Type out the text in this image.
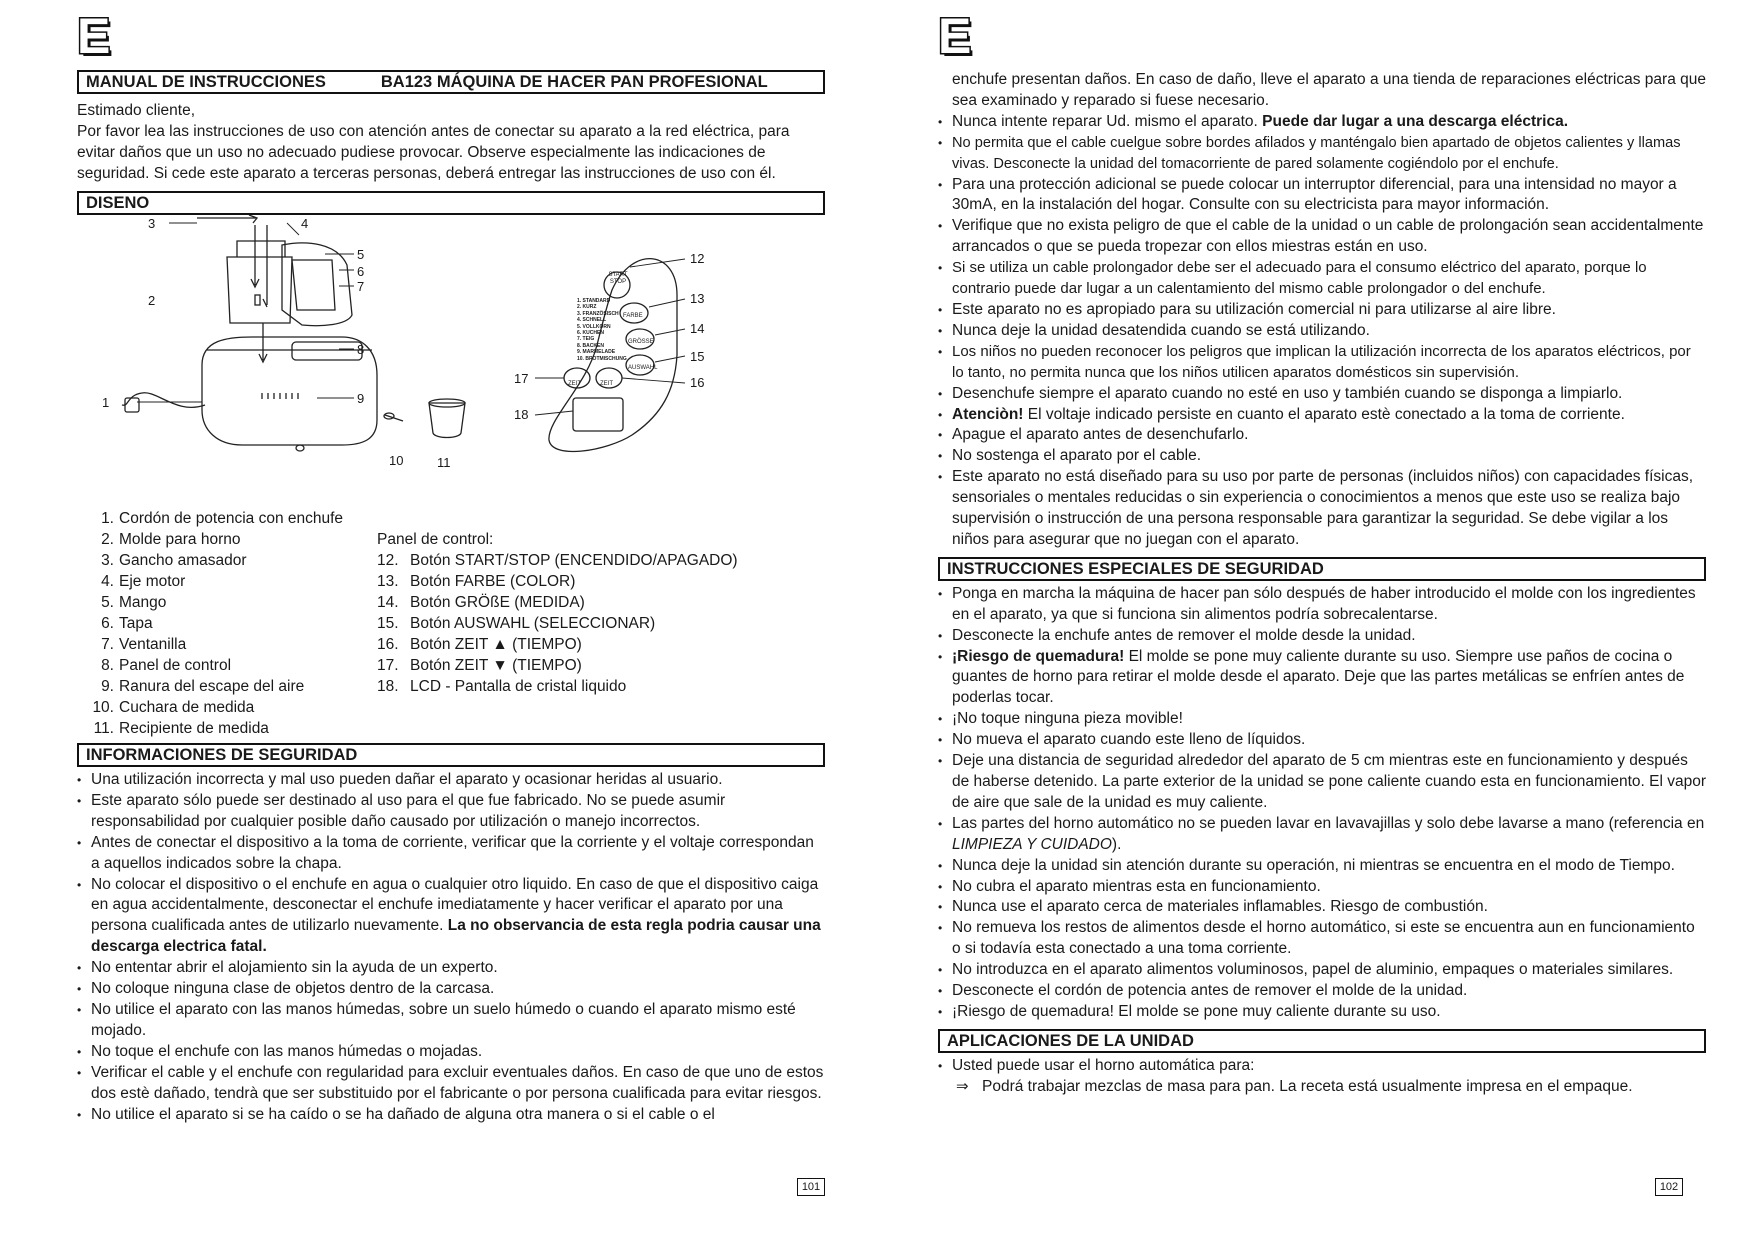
E
MANUAL DE INSTRUCCIONES	BA123 MÁQUINA DE HACER PAN PROFESIONAL

Estimado cliente,

Por favor lea las instrucciones de uso con atención antes de conectar su aparato a la red eléctrica, para evitar daños que un uso no adecuado pudiese provocar. Observe especialmente las indicaciones de seguridad. Si cede este aparato a terceras personas, deberá entregar las instrucciones de uso con él.

DISENO
START
STOP
FARBE
GRÖSSE
AUSWAHL
ZEIT
ZEIT
1. STANDARD
2. KURZ
3. FRANZÖSISCH
4. SCHNELL
5. VOLLKORN
6. KUCHEN
7. TEIG
8. BACKEN
9. MARMELADE
10. BROTMISCHUNG
1
2
3	4
5
6
7
8
9
10	11
12
13
14
15
16
17
18
1. Cordón de potencia con enchufe
2. Molde para horno
3. Gancho amasador
4. Eje motor
5. Mango
6. Tapa
7. Ventanilla
8. Panel de control
9. Ranura del escape del aire
10. Cuchara de medida
11. Recipiente de medida
Panel de control:
12. Botón START/STOP (ENCENDIDO/APAGADO)
13. Botón FARBE (COLOR)
14. Botón GRÖßE (MEDIDA)
15. Botón AUSWAHL (SELECCIONAR)
16. Botón ZEIT ▲ (TIEMPO)
17. Botón ZEIT ▼ (TIEMPO)
18. LCD - Pantalla de cristal liquido
INFORMACIONES DE SEGURIDAD
• Una utilización incorrecta y mal uso pueden dañar el aparato y ocasionar heridas al usuario.
• Este aparato sólo puede ser destinado al uso para el que fue fabricado. No se puede asumir responsabilidad por cualquier posible daño causado por utilización o manejo incorrectos.
• Antes de conectar el dispositivo a la toma de corriente, verificar que la corriente y el voltaje correspondan a aquellos indicados sobre la chapa.
• No colocar el dispositivo o el enchufe en agua o cualquier otro liquido. En caso de que el dispositivo caiga en agua accidentalmente, desconectar el enchufe imediatamente y hacer verificar el aparato por una persona cualificada antes de utilizarlo nuevamente. La no observancia de esta regla podria causar una descarga electrica fatal.
• No ententar abrir el alojamiento sin la ayuda de un experto.
• No coloque ninguna clase de objetos dentro de la carcasa.
• No utilice el aparato con las manos húmedas, sobre un suelo húmedo o cuando el aparato mismo esté mojado.
• No toque el enchufe con las manos húmedas o mojadas.
• Verificar el cable y el enchufe con regularidad para excluir eventuales daños. En caso de que uno de estos dos estè dañado, tendrà que ser substituido por el fabricante o por persona cualificada para evitar riesgos.
• No utilice el aparato si se ha caído o se ha dañado de alguna otra manera o si el cable o el
101
E
enchufe presentan daños. En caso de daño, lleve el aparato a una tienda de reparaciones eléctricas para que sea examinado y reparado si fuese necesario.
• Nunca intente reparar Ud. mismo el aparato. Puede dar lugar a una descarga eléctrica.
• No permita que el cable cuelgue sobre bordes afilados y manténgalo bien apartado de objetos calientes y llamas vivas. Desconecte la unidad del tomacorriente de pared solamente cogiéndolo por el enchufe.
• Para una protección adicional se puede colocar un interruptor diferencial, para una intensidad no mayor a 30mA, en la instalación del hogar. Consulte con su electricista para mayor información.
• Verifique que no exista peligro de que el cable de la unidad o un cable de prolongación sean accidentalmente arrancados o que se pueda tropezar con ellos miestras están en uso.
• Si se utiliza un cable prolongador debe ser el adecuado para el consumo eléctrico del aparato, porque lo contrario puede dar lugar a un calentamiento del mismo cable prolongador o del enchufe.
• Este aparato no es apropiado para su utilización comercial ni para utilizarse al aire libre.
• Nunca deje la unidad desatendida cuando se está utilizando.
• Los niños no pueden reconocer los peligros que implican la utilización incorrecta de los aparatos eléctricos, por lo tanto, no permita nunca que los niños utilicen aparatos domésticos sin supervisión.
• Desenchufe siempre el aparato cuando no esté en uso y también cuando se disponga a limpiarlo.
• Atenciòn! El voltaje indicado persiste en cuanto el aparato estè conectado a la toma de corriente.
• Apague el aparato antes de desenchufarlo.
• No sostenga el aparato por el cable.
• Este aparato no está diseñado para su uso por parte de personas (incluidos niños) con capacidades físicas, sensoriales o mentales reducidas o sin experiencia o conocimientos a menos que este uso se realiza bajo supervisión o instrucción de una persona responsable para garantizar la seguridad. Se debe vigilar a los niños para asegurar que no juegan con el aparato.
INSTRUCCIONES ESPECIALES DE SEGURIDAD
• Ponga en marcha la máquina de hacer pan sólo después de haber introducido el molde con los ingredientes en el aparato, ya que si funciona sin alimentos podría sobrecalentarse.
• Desconecte la enchufe antes de remover el molde desde la unidad.
• ¡Riesgo de quemadura! El molde se pone muy caliente durante su uso. Siempre use paños de cocina o guantes de horno para retirar el molde desde el aparato. Deje que las partes metálicas se enfríen antes de poderlas tocar.
• ¡No toque ninguna pieza movible!
• No mueva el aparato cuando este lleno de líquidos.
• Deje una distancia de seguridad alrededor del aparato de 5 cm mientras este en funcionamiento y después de haberse detenido. La parte exterior de la unidad se pone caliente cuando esta en funcionamiento. El vapor de aire que sale de la unidad es muy caliente.
• Las partes del horno automático no se pueden lavar en lavavajillas y solo debe lavarse a mano (referencia en LIMPIEZA Y CUIDADO).
• Nunca deje la unidad sin atención durante su operación, ni mientras se encuentra en el modo de Tiempo.
• No cubra el aparato mientras esta en funcionamiento.
• Nunca use el aparato cerca de materiales inflamables. Riesgo de combustión.
• No remueva los restos de alimentos desde el horno automático, si este se encuentra aun en funcionamiento o si todavía esta conectado a una toma corriente.
• No introduzca en el aparato alimentos voluminosos, papel de aluminio, empaques o materiales similares.
• Desconecte el cordón de potencia antes de remover el molde de la unidad.
• ¡Riesgo de quemadura! El molde se pone muy caliente durante su uso.
APLICACIONES DE LA UNIDAD
• Usted puede usar el horno automática para:
⇒ Podrá trabajar mezclas de masa para pan. La receta está usualmente impresa en el empaque.
102
